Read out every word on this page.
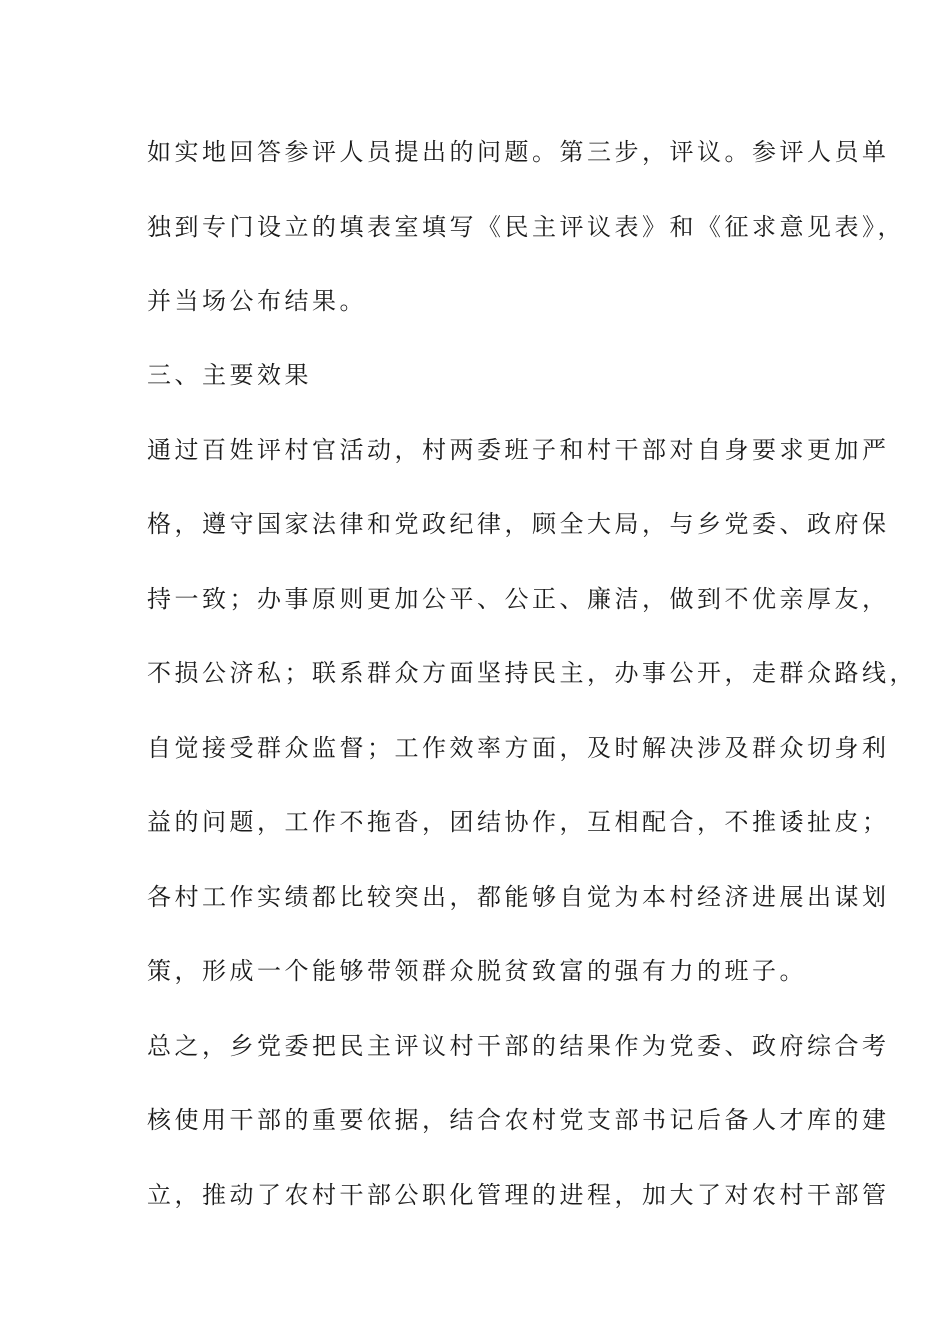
如实地回答参评人员提出的问题。第三步，评议。参评人员单
独到专门设立的填表室填写《民主评议表》和《征求意见表》，
并当场公布结果。
三、主要效果
通过百姓评村官活动，村两委班子和村干部对自身要求更加严
格，遵守国家法律和党政纪律，顾全大局，与乡党委、政府保
持一致；办事原则更加公平、公正、廉洁，做到不优亲厚友，
不损公济私；联系群众方面坚持民主，办事公开，走群众路线，
自觉接受群众监督；工作效率方面，及时解决涉及群众切身利
益的问题，工作不拖沓，团结协作，互相配合，不推诿扯皮；
各村工作实绩都比较突出，都能够自觉为本村经济进展出谋划
策，形成一个能够带领群众脱贫致富的强有力的班子。
总之，乡党委把民主评议村干部的结果作为党委、政府综合考
核使用干部的重要依据，结合农村党支部书记后备人才库的建
立，推动了农村干部公职化管理的进程，加大了对农村干部管
